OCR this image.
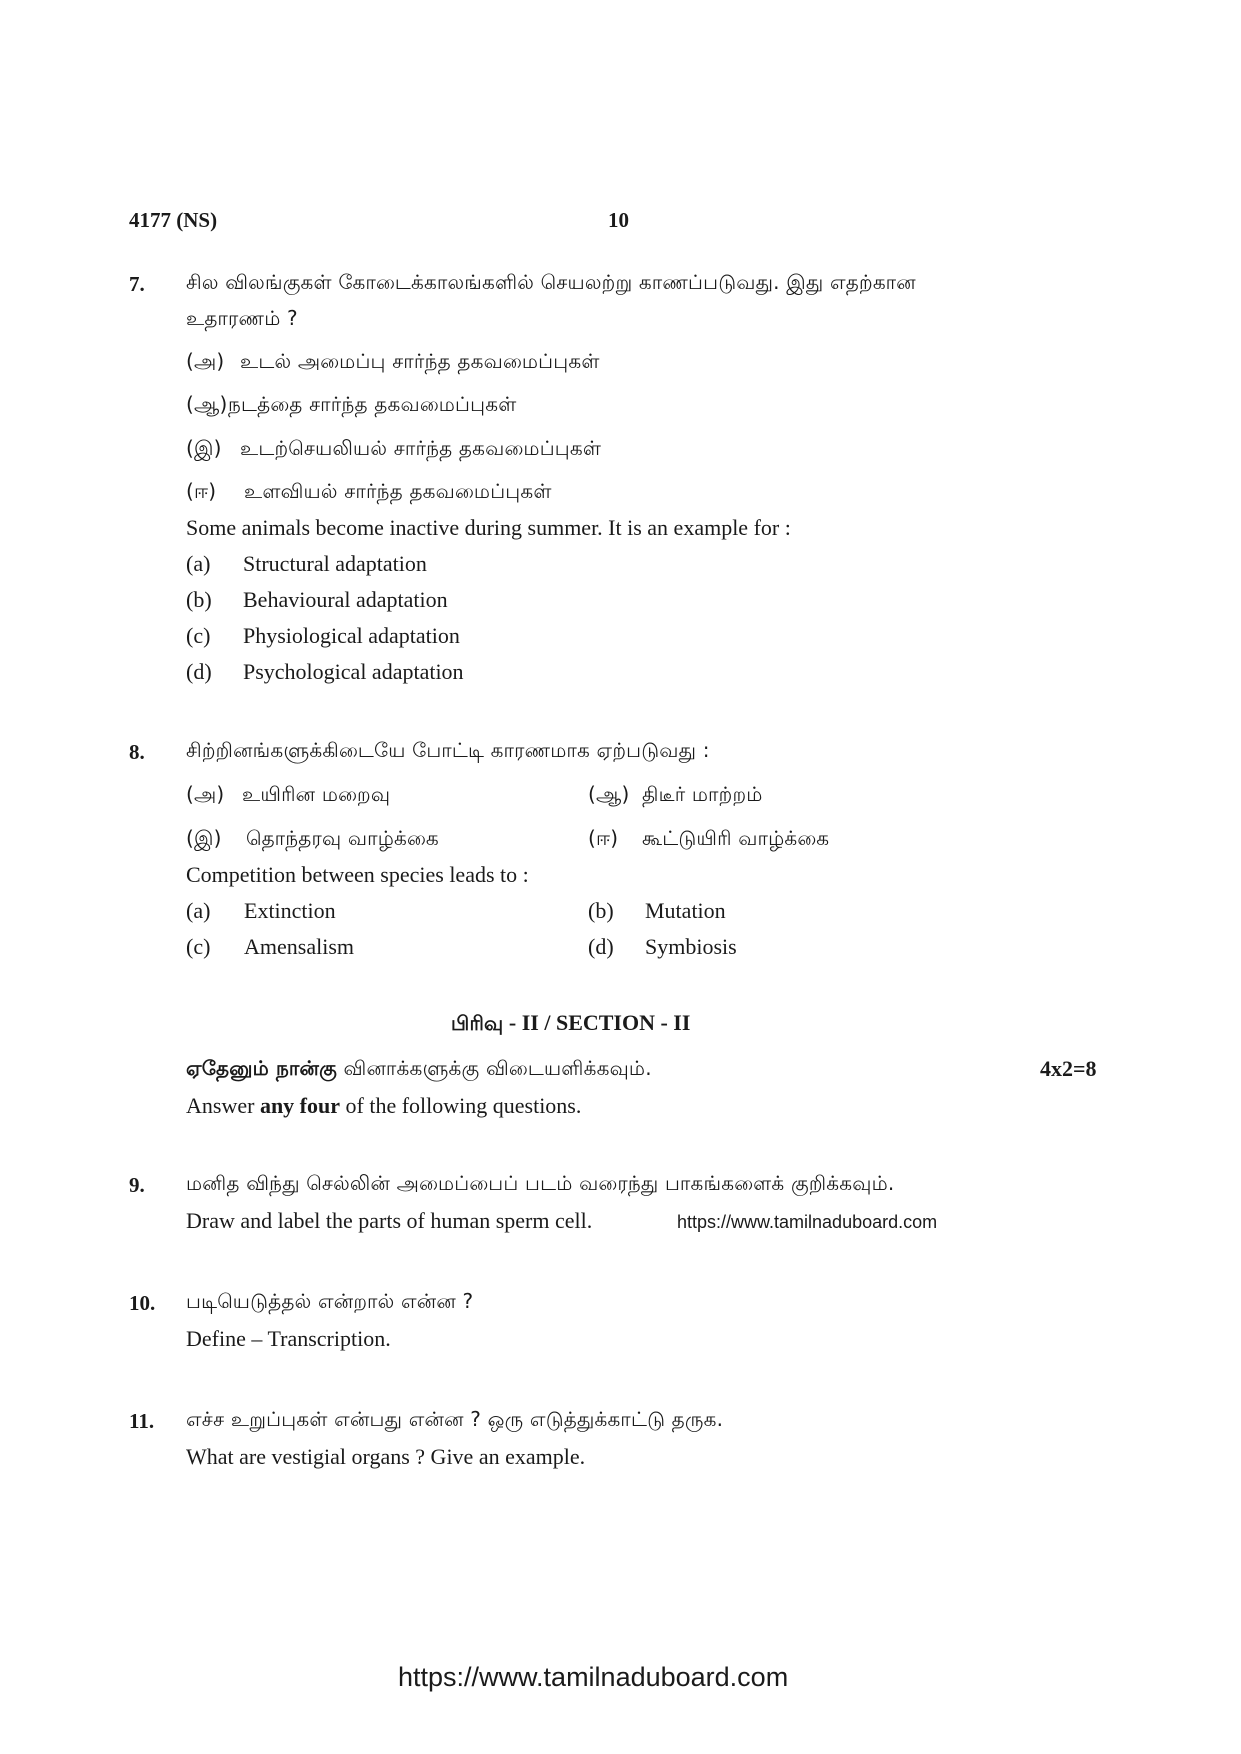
4177 (NS)	10
7. சில விலங்குகள் கோடைக்காலங்களில் செயலற்று காணப்படுவது. இது எதற்கான
உதாரணம் ?
(அ) உடல் அமைப்பு சார்ந்த தகவமைப்புகள்
(ஆ) நடத்தை சார்ந்த தகவமைப்புகள்
(இ) உடற்செயலியல் சார்ந்த தகவமைப்புகள்
(ஈ) உளவியல் சார்ந்த தகவமைப்புகள்
Some animals become inactive during summer. It is an example for :
(a) Structural adaptation
(b) Behavioural adaptation
(c) Physiological adaptation
(d) Psychological adaptation
8. சிற்றினங்களுக்கிடையே போட்டி காரணமாக ஏற்படுவது :
(அ) உயிரின மறைவு	(ஆ) திடீர் மாற்றம்
(இ) தொந்தரவு வாழ்க்கை	(ஈ) கூட்டுயிரி வாழ்க்கை
Competition between species leads to :
(a) Extinction	(b) Mutation
(c) Amensalism	(d) Symbiosis
பிரிவு - II / SECTION - II
ஏதேனும் நான்கு வினாக்களுக்கு விடையளிக்கவும்.	4x2=8
Answer any four of the following questions.
9. மனித விந்து செல்லின் அமைப்பைப் படம் வரைந்து பாகங்களைக் குறிக்கவும்.
Draw and label the parts of human sperm cell.	https://www.tamilnaduboard.com
10. படியெடுத்தல் என்றால் என்ன ?
Define – Transcription.
11. எச்ச உறுப்புகள் என்பது என்ன ? ஒரு எடுத்துக்காட்டு தருக.
What are vestigial organs ? Give an example.
https://www.tamilnaduboard.com
